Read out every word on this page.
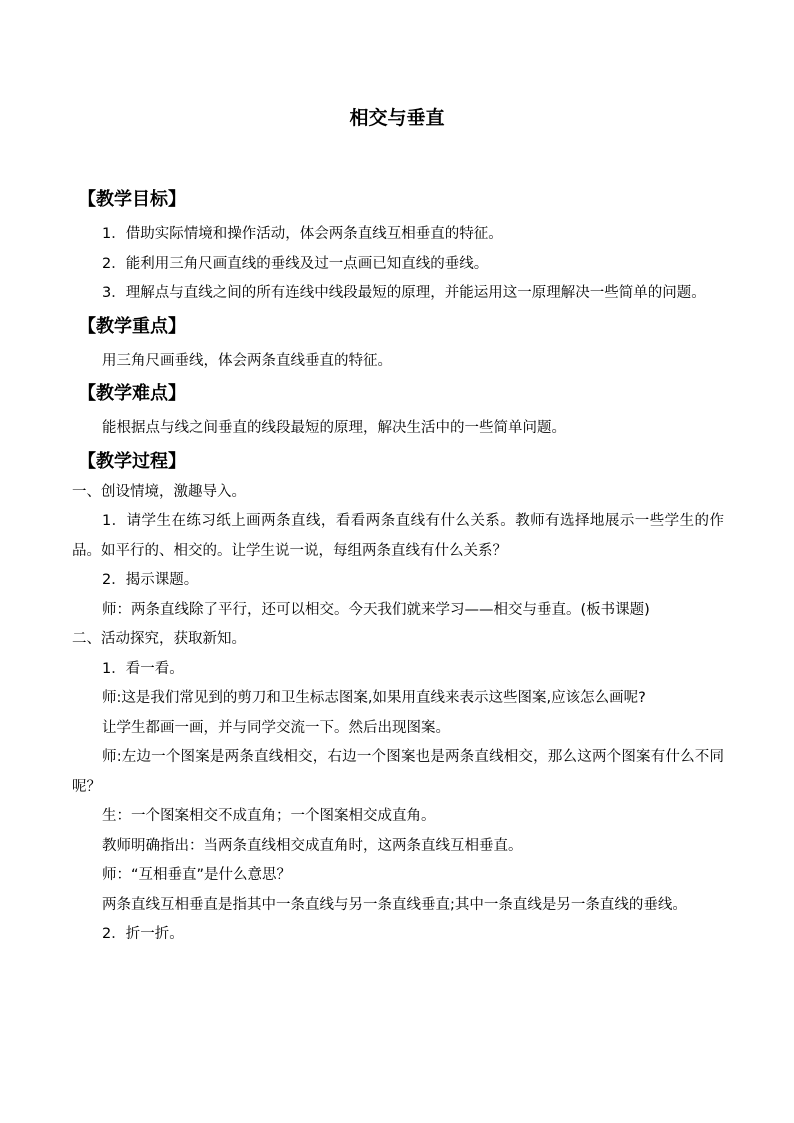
相交与垂直
【教学目标】

1．借助实际情境和操作活动，体会两条直线互相垂直的特征。

2．能利用三角尺画直线的垂线及过一点画已知直线的垂线。

3．理解点与直线之间的所有连线中线段最短的原理，并能运用这一原理解决一些简单的问题。

【教学重点】

用三角尺画垂线，体会两条直线垂直的特征。

【教学难点】

能根据点与线之间垂直的线段最短的原理，解决生活中的一些简单问题。

【教学过程】

一、创设情境，激趣导入。

1．请学生在练习纸上画两条直线，看看两条直线有什么关系。教师有选择地展示一些学生的作品。如平行的、相交的。让学生说一说，每组两条直线有什么关系？

2．揭示课题。

师：两条直线除了平行，还可以相交。今天我们就来学习——相交与垂直。(板书课题)

二、活动探究，获取新知。

1．看一看。

师:这是我们常见到的剪刀和卫生标志图案,如果用直线来表示这些图案,应该怎么画呢?

让学生都画一画，并与同学交流一下。然后出现图案。

师:左边一个图案是两条直线相交，右边一个图案也是两条直线相交，那么这两个图案有什么不同呢？

生：一个图案相交不成直角；一个图案相交成直角。

教师明确指出：当两条直线相交成直角时，这两条直线互相垂直。

师：“互相垂直”是什么意思？

两条直线互相垂直是指其中一条直线与另一条直线垂直;其中一条直线是另一条直线的垂线。

2．折一折。
